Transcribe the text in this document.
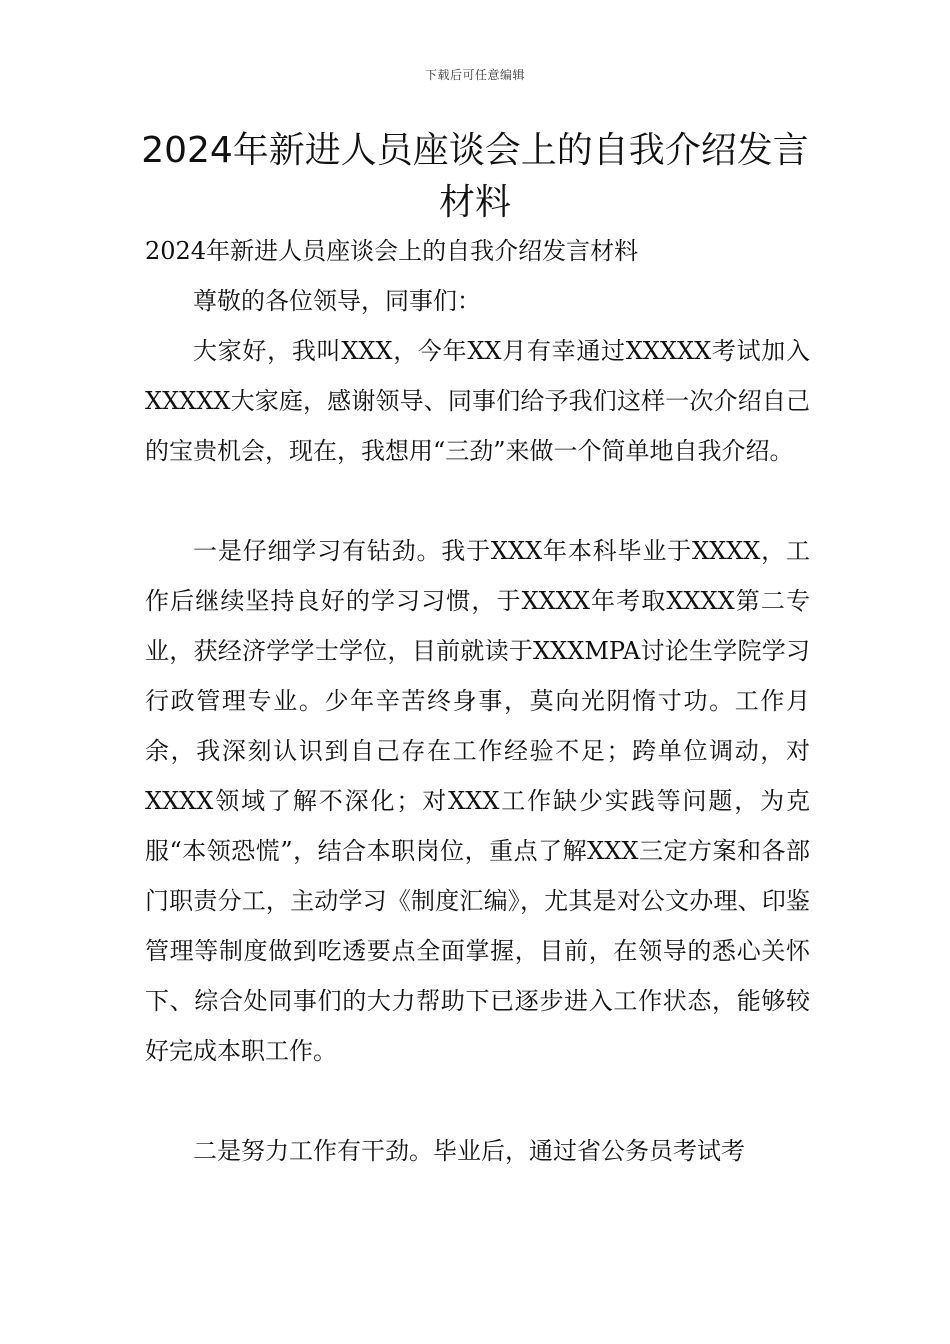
下载后可任意编辑
2024年新进人员座谈会上的自我介绍发言材料

2024年新进人员座谈会上的自我介绍发言材料

尊敬的各位领导，同事们：

大家好，我叫XXX，今年XX月有幸通过XXXXX考试加入XXXXX大家庭，感谢领导、同事们给予我们这样一次介绍自己的宝贵机会，现在，我想用“三劲”来做一个简单地自我介绍。

一是仔细学习有钻劲。我于XXX年本科毕业于XXXX，工作后继续坚持良好的学习习惯，于XXXX年考取XXXX第二专业，获经济学学士学位，目前就读于XXXMPA讨论生学院学习行政管理专业。少年辛苦终身事，莫向光阴惰寸功。工作月余，我深刻认识到自己存在工作经验不足；跨单位调动，对XXXX领域了解不深化；对XXX工作缺少实践等问题，为克服“本领恐慌”，结合本职岗位，重点了解XXX三定方案和各部门职责分工，主动学习《制度汇编》，尤其是对公文办理、印鉴管理等制度做到吃透要点全面掌握，目前，在领导的悉心关怀下、综合处同事们的大力帮助下已逐步进入工作状态，能够较好完成本职工作。

二是努力工作有干劲。毕业后，通过省公务员考试考
